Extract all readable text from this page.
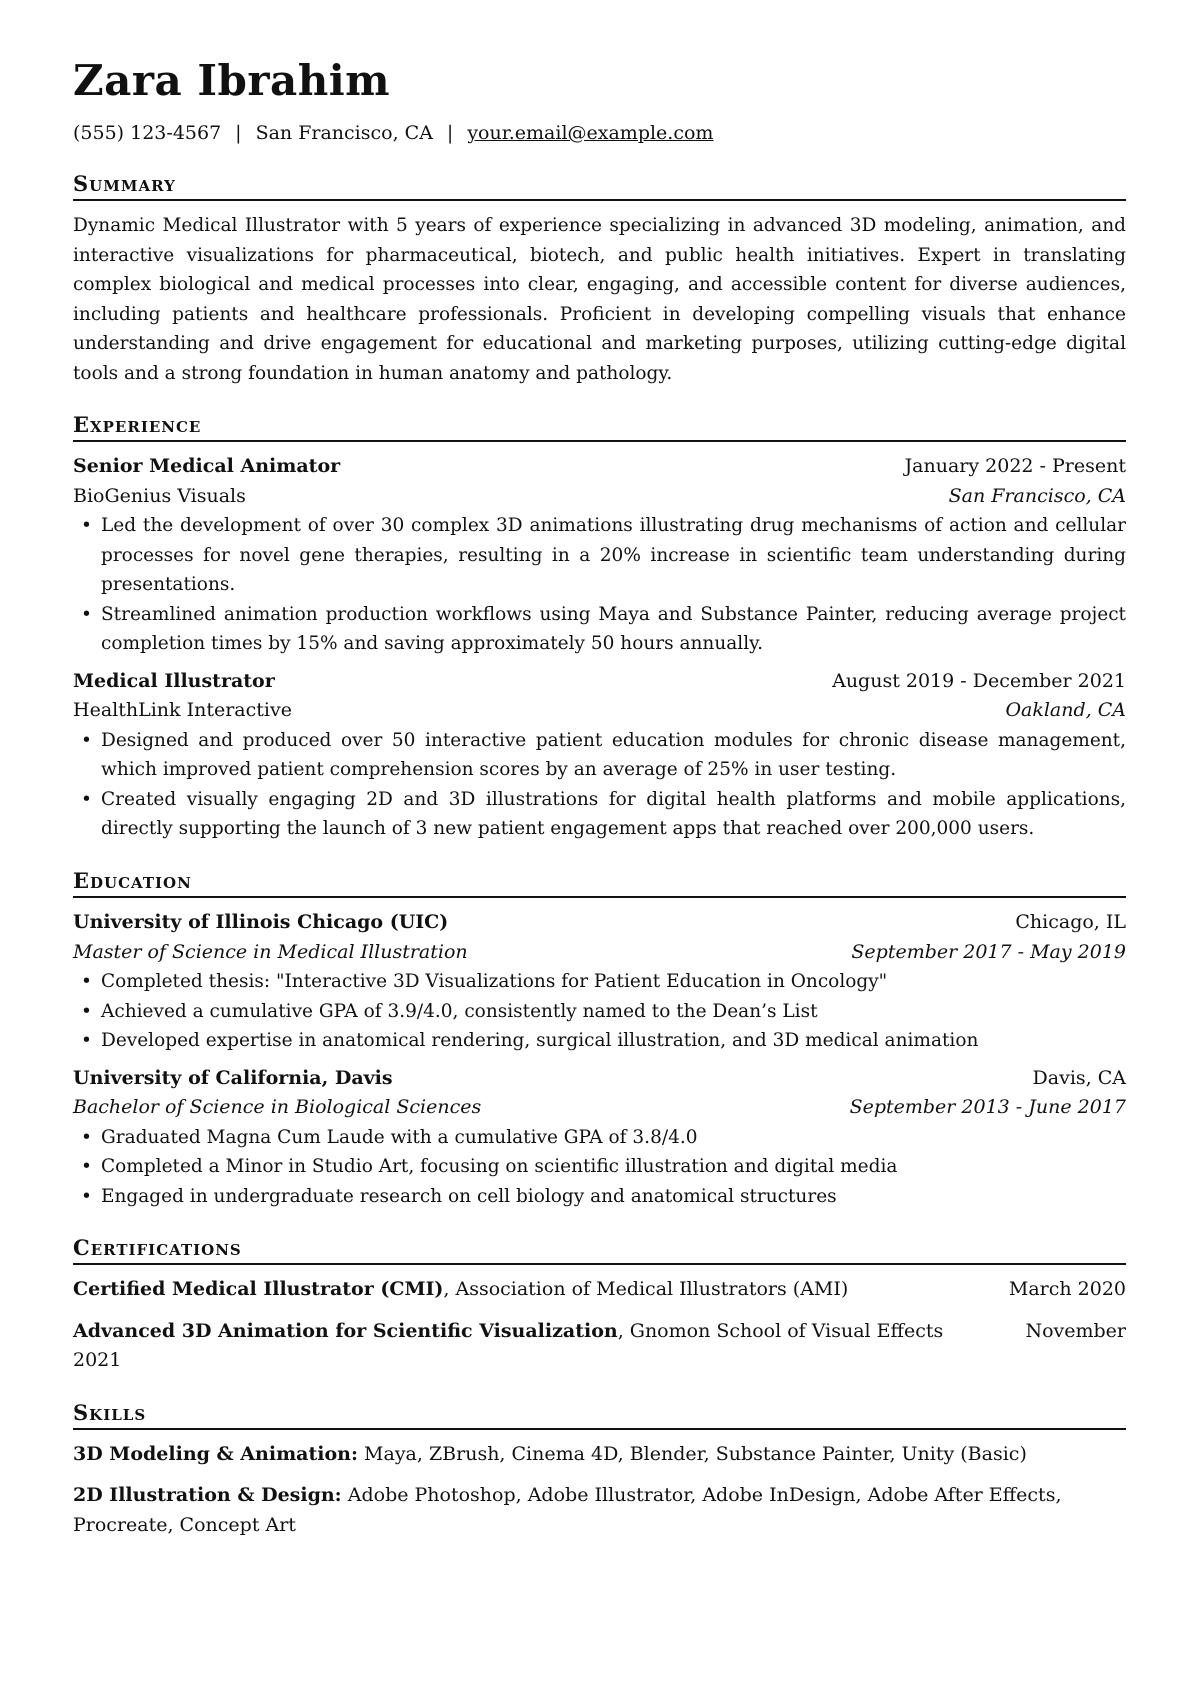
Zara Ibrahim
(555) 123-4567 | San Francisco, CA | your.email@example.com
Summary
Dynamic Medical Illustrator with 5 years of experience specializing in advanced 3D modeling, animation, and interactive visualizations for pharmaceutical, biotech, and public health initiatives. Expert in translating complex biological and medical processes into clear, engaging, and accessible content for diverse audiences, including patients and healthcare professionals. Proficient in developing compelling visuals that enhance understanding and drive engagement for educational and marketing purposes, utilizing cutting-edge digital tools and a strong foundation in human anatomy and pathology.
Experience
Senior Medical Animator	January 2022 - Present
BioGenius Visuals	San Francisco, CA
• Led the development of over 30 complex 3D animations illustrating drug mechanisms of action and cellular processes for novel gene therapies, resulting in a 20% increase in scientific team understanding during presentations.
• Streamlined animation production workflows using Maya and Substance Painter, reducing average project completion times by 15% and saving approximately 50 hours annually.
Medical Illustrator	August 2019 - December 2021
HealthLink Interactive	Oakland, CA
• Designed and produced over 50 interactive patient education modules for chronic disease management, which improved patient comprehension scores by an average of 25% in user testing.
• Created visually engaging 2D and 3D illustrations for digital health platforms and mobile applications, directly supporting the launch of 3 new patient engagement apps that reached over 200,000 users.
Education
University of Illinois Chicago (UIC)	Chicago, IL
Master of Science in Medical Illustration	September 2017 - May 2019
• Completed thesis: "Interactive 3D Visualizations for Patient Education in Oncology"
• Achieved a cumulative GPA of 3.9/4.0, consistently named to the Dean’s List
• Developed expertise in anatomical rendering, surgical illustration, and 3D medical animation
University of California, Davis	Davis, CA
Bachelor of Science in Biological Sciences	September 2013 - June 2017
• Graduated Magna Cum Laude with a cumulative GPA of 3.8/4.0
• Completed a Minor in Studio Art, focusing on scientific illustration and digital media
• Engaged in undergraduate research on cell biology and anatomical structures
Certifications
Certified Medical Illustrator (CMI), Association of Medical Illustrators (AMI)	March 2020
Advanced 3D Animation for Scientific Visualization, Gnomon School of Visual Effects	November
2021
Skills
3D Modeling & Animation: Maya, ZBrush, Cinema 4D, Blender, Substance Painter, Unity (Basic)
2D Illustration & Design: Adobe Photoshop, Adobe Illustrator, Adobe InDesign, Adobe After Effects, Procreate, Concept Art
